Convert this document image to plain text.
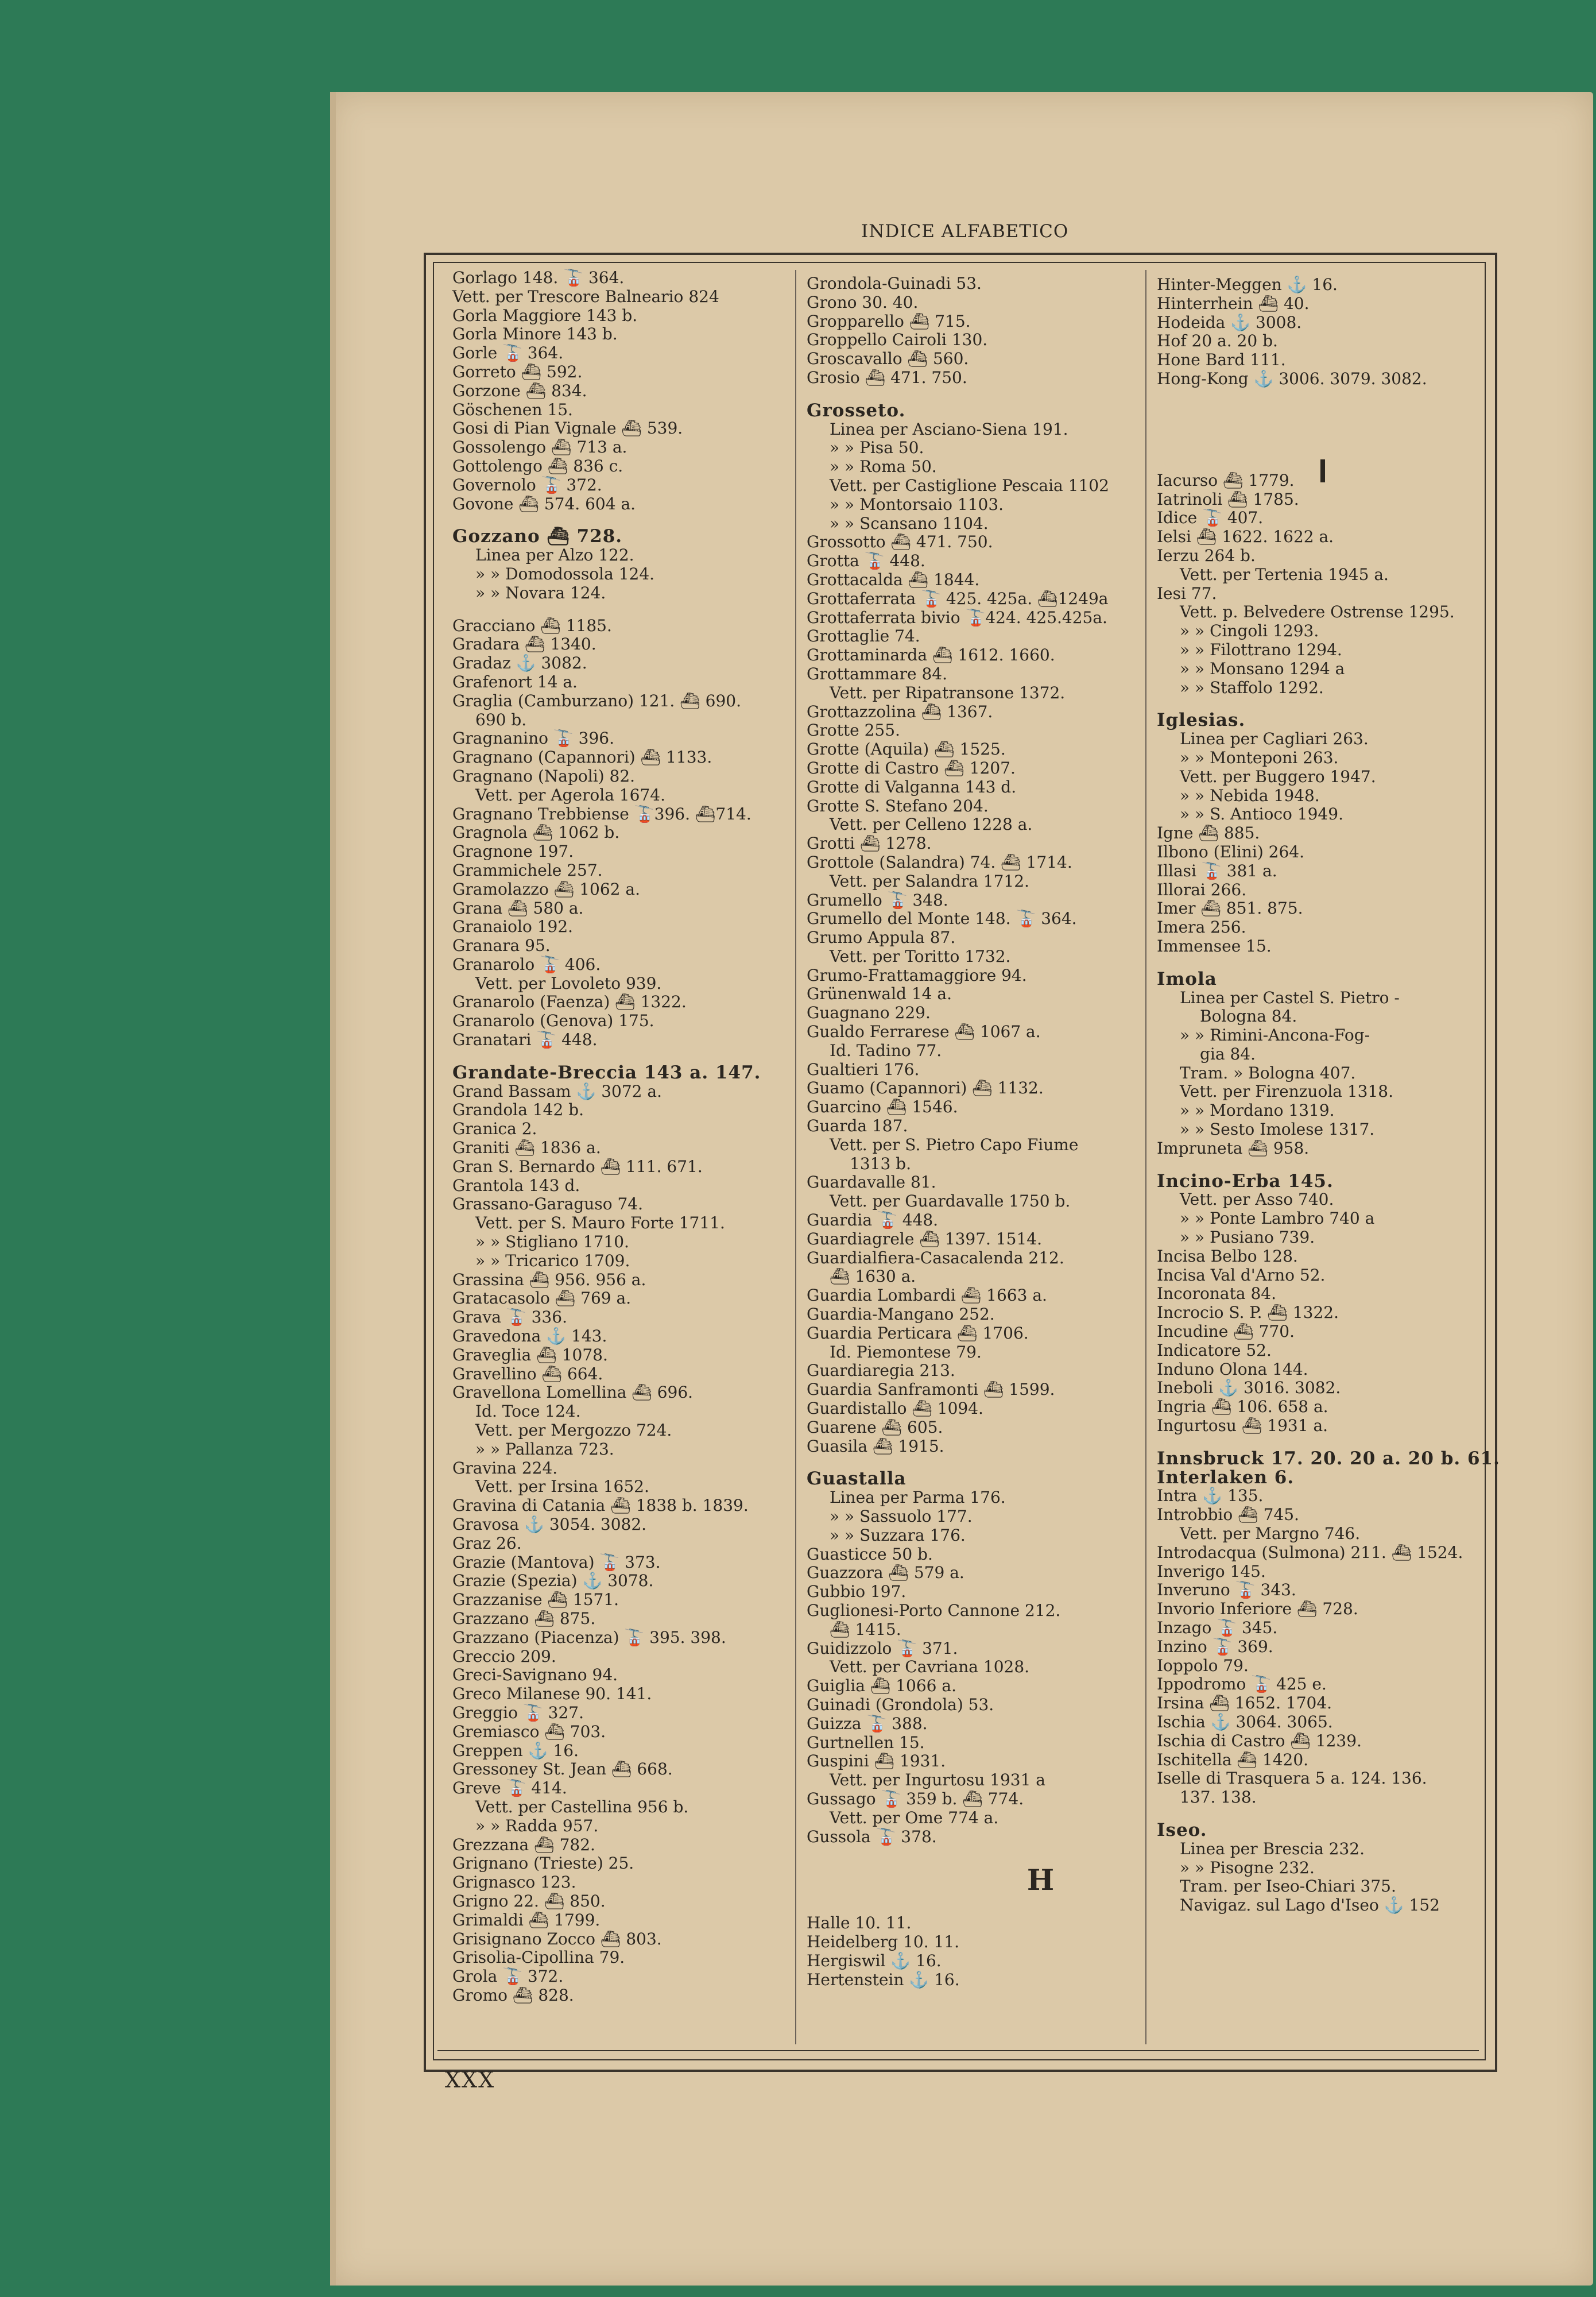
INDICE ALFABETICO
Gorlago 148. 🚡 364.
Vett. per Trescore Balneario 824
Gorla Maggiore 143 b.
Gorla Minore 143 b.
Gorle 🚡 364.
Gorreto ⛴ 592.
Gorzone ⛴ 834.
Göschenen 15.
Gosi di Pian Vignale ⛴ 539.
Gossolengo ⛴ 713 a.
Gottolengo ⛴ 836 c.
Governolo 🚡 372.
Govone ⛴ 574. 604 a.
Gozzano ⛴ 728.
Linea per Alzo 122.
» » Domodossola 124.
» » Novara 124.
Gracciano ⛴ 1185.
Gradara ⛴ 1340.
Gradaz ⚓ 3082.
Grafenort 14 a.
Graglia (Camburzano) 121. ⛴ 690.
690 b.
Gragnanino 🚡 396.
Gragnano (Capannori) ⛴ 1133.
Gragnano (Napoli) 82.
Vett. per Agerola 1674.
Gragnano Trebbiense 🚡396. ⛴714.
Gragnola ⛴ 1062 b.
Gragnone 197.
Grammichele 257.
Gramolazzo ⛴ 1062 a.
Grana ⛴ 580 a.
Granaiolo 192.
Granara 95.
Granarolo 🚡 406.
Vett. per Lovoleto 939.
Granarolo (Faenza) ⛴ 1322.
Granarolo (Genova) 175.
Granatari 🚡 448.
Grandate-Breccia 143 a. 147.
Grand Bassam ⚓ 3072 a.
Grandola 142 b.
Granica 2.
Graniti ⛴ 1836 a.
Gran S. Bernardo ⛴ 111. 671.
Grantola 143 d.
Grassano-Garaguso 74.
Vett. per S. Mauro Forte 1711.
» » Stigliano 1710.
» » Tricarico 1709.
Grassina ⛴ 956. 956 a.
Gratacasolo ⛴ 769 a.
Grava 🚡 336.
Gravedona ⚓ 143.
Graveglia ⛴ 1078.
Gravellino ⛴ 664.
Gravellona Lomellina ⛴ 696.
Id. Toce 124.
Vett. per Mergozzo 724.
» » Pallanza 723.
Gravina 224.
Vett. per Irsina 1652.
Gravina di Catania ⛴ 1838 b. 1839.
Gravosa ⚓ 3054. 3082.
Graz 26.
Grazie (Mantova) 🚡 373.
Grazie (Spezia) ⚓ 3078.
Grazzanise ⛴ 1571.
Grazzano ⛴ 875.
Grazzano (Piacenza) 🚡 395. 398.
Greccio 209.
Greci-Savignano 94.
Greco Milanese 90. 141.
Greggio 🚡 327.
Gremiasco ⛴ 703.
Greppen ⚓ 16.
Gressoney St. Jean ⛴ 668.
Greve 🚡 414.
Vett. per Castellina 956 b.
» » Radda 957.
Grezzana ⛴ 782.
Grignano (Trieste) 25.
Grignasco 123.
Grigno 22. ⛴ 850.
Grimaldi ⛴ 1799.
Grisignano Zocco ⛴ 803.
Grisolia-Cipollina 79.
Grola 🚡 372.
Gromo ⛴ 828.
Grondola-Guinadi 53.
Grono 30. 40.
Gropparello ⛴ 715.
Groppello Cairoli 130.
Groscavallo ⛴ 560.
Grosio ⛴ 471. 750.
Grosseto.
Linea per Asciano-Siena 191.
» » Pisa 50.
» » Roma 50.
Vett. per Castiglione Pescaia 1102
» » Montorsaio 1103.
» » Scansano 1104.
Grossotto ⛴ 471. 750.
Grotta 🚡 448.
Grottacalda ⛴ 1844.
Grottaferrata 🚡 425. 425a. ⛴1249a
Grottaferrata bivio 🚡424. 425.425a.
Grottaglie 74.
Grottaminarda ⛴ 1612. 1660.
Grottammare 84.
Vett. per Ripatransone 1372.
Grottazzolina ⛴ 1367.
Grotte 255.
Grotte (Aquila) ⛴ 1525.
Grotte di Castro ⛴ 1207.
Grotte di Valganna 143 d.
Grotte S. Stefano 204.
Vett. per Celleno 1228 a.
Grotti ⛴ 1278.
Grottole (Salandra) 74. ⛴ 1714.
Vett. per Salandra 1712.
Grumello 🚡 348.
Grumello del Monte 148. 🚡 364.
Grumo Appula 87.
Vett. per Toritto 1732.
Grumo-Frattamaggiore 94.
Grünenwald 14 a.
Guagnano 229.
Gualdo Ferrarese ⛴ 1067 a.
Id. Tadino 77.
Gualtieri 176.
Guamo (Capannori) ⛴ 1132.
Guarcino ⛴ 1546.
Guarda 187.
Vett. per S. Pietro Capo Fiume
1313 b.
Guardavalle 81.
Vett. per Guardavalle 1750 b.
Guardia 🚡 448.
Guardiagrele ⛴ 1397. 1514.
Guardialfiera-Casacalenda 212.
⛴ 1630 a.
Guardia Lombardi ⛴ 1663 a.
Guardia-Mangano 252.
Guardia Perticara ⛴ 1706.
Id. Piemontese 79.
Guardiaregia 213.
Guardia Sanframonti ⛴ 1599.
Guardistallo ⛴ 1094.
Guarene ⛴ 605.
Guasila ⛴ 1915.
Guastalla
Linea per Parma 176.
» » Sassuolo 177.
» » Suzzara 176.
Guasticce 50 b.
Guazzora ⛴ 579 a.
Gubbio 197.
Guglionesi-Porto Cannone 212.
⛴ 1415.
Guidizzolo 🚡 371.
Vett. per Cavriana 1028.
Guiglia ⛴ 1066 a.
Guinadi (Grondola) 53.
Guizza 🚡 388.
Gurtnellen 15.
Guspini ⛴ 1931.
Vett. per Ingurtosu 1931 a
Gussago 🚡 359 b. ⛴ 774.
Vett. per Ome 774 a.
Gussola 🚡 378.
H
Halle 10. 11.
Heidelberg 10. 11.
Hergiswil ⚓ 16.
Hertenstein ⚓ 16.
Hinter-Meggen ⚓ 16.
Hinterrhein ⛴ 40.
Hodeida ⚓ 3008.
Hof 20 a. 20 b.
Hone Bard 111.
Hong-Kong ⚓ 3006. 3079. 3082.
Iacurso ⛴ 1779.
Iatrinoli ⛴ 1785.
Idice 🚡 407.
Ielsi ⛴ 1622. 1622 a.
Ierzu 264 b.
Vett. per Tertenia 1945 a.
Iesi 77.
Vett. p. Belvedere Ostrense 1295.
» » Cingoli 1293.
» » Filottrano 1294.
» » Monsano 1294 a
» » Staffolo 1292.
Iglesias.
Linea per Cagliari 263.
» » Monteponi 263.
Vett. per Buggero 1947.
» » Nebida 1948.
» » S. Antioco 1949.
Igne ⛴ 885.
Ilbono (Elini) 264.
Illasi 🚡 381 a.
Illorai 266.
Imer ⛴ 851. 875.
Imera 256.
Immensee 15.
Imola
Linea per Castel S. Pietro -
Bologna 84.
» » Rimini-Ancona-Fog-
gia 84.
Tram. » Bologna 407.
Vett. per Firenzuola 1318.
» » Mordano 1319.
» » Sesto Imolese 1317.
Imprunetа ⛴ 958.
Incino-Erba 145.
Vett. per Asso 740.
» » Ponte Lambro 740 a
» » Pusiano 739.
Incisa Belbo 128.
Incisa Val d'Arno 52.
Incoronata 84.
Incrocio S. P. ⛴ 1322.
Incudine ⛴ 770.
Indicatore 52.
Induno Olona 144.
Ineboli ⚓ 3016. 3082.
Ingria ⛴ 106. 658 a.
Ingurtosu ⛴ 1931 a.
Innsbruck 17. 20. 20 a. 20 b. 61.
Interlaken 6.
Intra ⚓ 135.
Introbbio ⛴ 745.
Vett. per Margno 746.
Introdacqua (Sulmona) 211. ⛴ 1524.
Inverigo 145.
Inveruno 🚡 343.
Invorio Inferiore ⛴ 728.
Inzago 🚡 345.
Inzino 🚡 369.
Ioppolo 79.
Ippodromo 🚡 425 e.
Irsina ⛴ 1652. 1704.
Ischia ⚓ 3064. 3065.
Ischia di Castro ⛴ 1239.
Ischitella ⛴ 1420.
Iselle di Trasquera 5 a. 124. 136.
137. 138.
Iseo.
Linea per Brescia 232.
» » Pisogne 232.
Tram. per Iseo-Chiari 375.
Navigaz. sul Lago d'Iseo ⚓ 152
XXX
